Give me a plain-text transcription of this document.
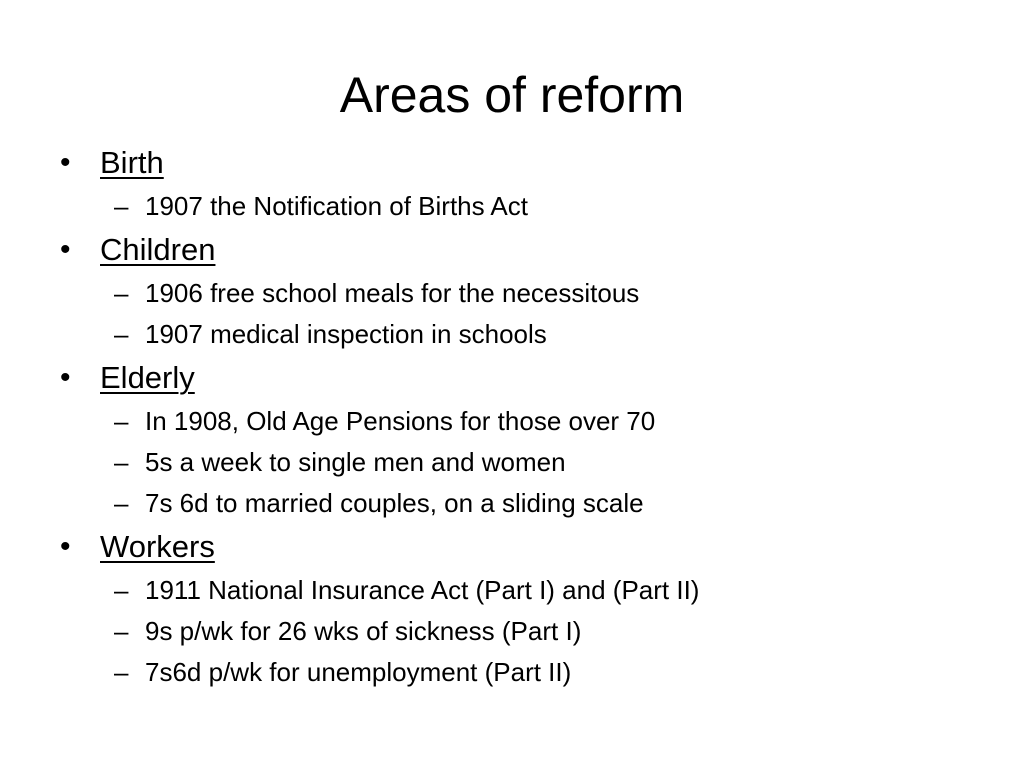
Areas of reform
• Birth
– 1907 the Notification of Births Act
• Children
– 1906 free school meals for the necessitous
– 1907 medical inspection in schools
• Elderly
– In 1908, Old Age Pensions for those over 70
– 5s a week to single men and women
– 7s 6d to married couples, on a sliding scale
• Workers
– 1911 National Insurance Act (Part I) and (Part II)
– 9s p/wk for 26 wks of sickness (Part I)
– 7s6d p/wk for unemployment (Part II)
